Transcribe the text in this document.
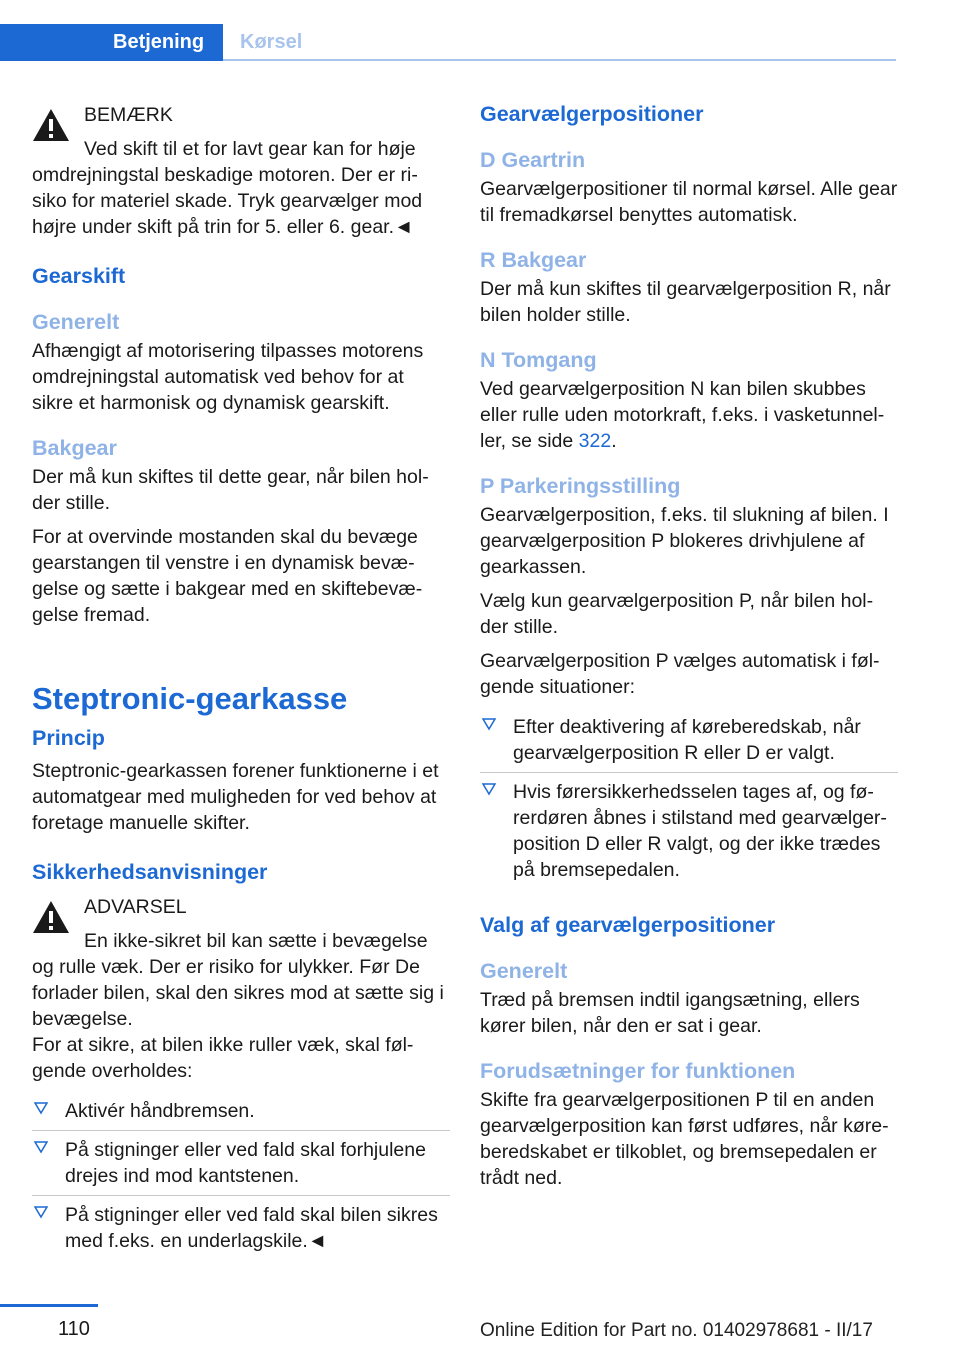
Betjening	Kørsel
BEMÆRK

Ved skift til et for lavt gear kan for høje omdrejningstal beskadige motoren. Der er ri-siko for materiel skade. Tryk gearvælger mod højre under skift på trin for 5. eller 6. gear.◄

Gearskift
Generelt

Afhængigt af motorisering tilpasses motorens omdrejningstal automatisk ved behov for at sikre et harmonisk og dynamisk gearskift.

Bakgear

Der må kun skiftes til dette gear, når bilen hol-der stille.

For at overvinde mostanden skal du bevæge gearstangen til venstre i en dynamisk bevæ-gelse og sætte i bakgear med en skiftebevæ-gelse fremad.

Steptronic-gearkasse
Princip

Steptronic-gearkassen forener funktionerne i et automatgear med muligheden for ved behov at foretage manuelle skifter.

Sikkerhedsanvisninger
ADVARSEL

En ikke-sikret bil kan sætte i bevægelse og rulle væk. Der er risiko for ulykker. Før De forlader bilen, skal den sikres mod at sætte sig i bevægelse.

For at sikre, at bilen ikke ruller væk, skal føl-gende overholdes:

Aktivér håndbremsen.
På stigninger eller ved fald skal forhjulene drejes ind mod kantstenen.
På stigninger eller ved fald skal bilen sikres med f.eks. en underlagskile.◄
Gearvælgerpositioner
D Geartrin

Gearvælgerpositioner til normal kørsel. Alle gear til fremadkørsel benyttes automatisk.

R Bakgear

Der må kun skiftes til gearvælgerposition R, når bilen holder stille.

N Tomgang

Ved gearvælgerposition N kan bilen skubbes eller rulle uden motorkraft, f.eks. i vasketunnel-ler, se side 322.

P Parkeringsstilling

Gearvælgerposition, f.eks. til slukning af bilen. I gearvælgerposition P blokeres drivhjulene af gearkassen.

Vælg kun gearvælgerposition P, når bilen hol-der stille.

Gearvælgerposition P vælges automatisk i føl-gende situationer:

Efter deaktivering af køreberedskab, når gearvælgerposition R eller D er valgt.
Hvis førersikkerhedsselen tages af, og fø-rerdøren åbnes i stilstand med gearvælger-position D eller R valgt, og der ikke trædes på bremsepedalen.
Valg af gearvælgerpositioner
Generelt

Træd på bremsen indtil igangsætning, ellers kører bilen, når den er sat i gear.

Forudsætninger for funktionen

Skifte fra gearvælgerpositionen P til en anden gearvælgerposition kan først udføres, når køre-beredskabet er tilkoblet, og bremsepedalen er trådt ned.

110	Online Edition for Part no. 01402978681 - II/17
